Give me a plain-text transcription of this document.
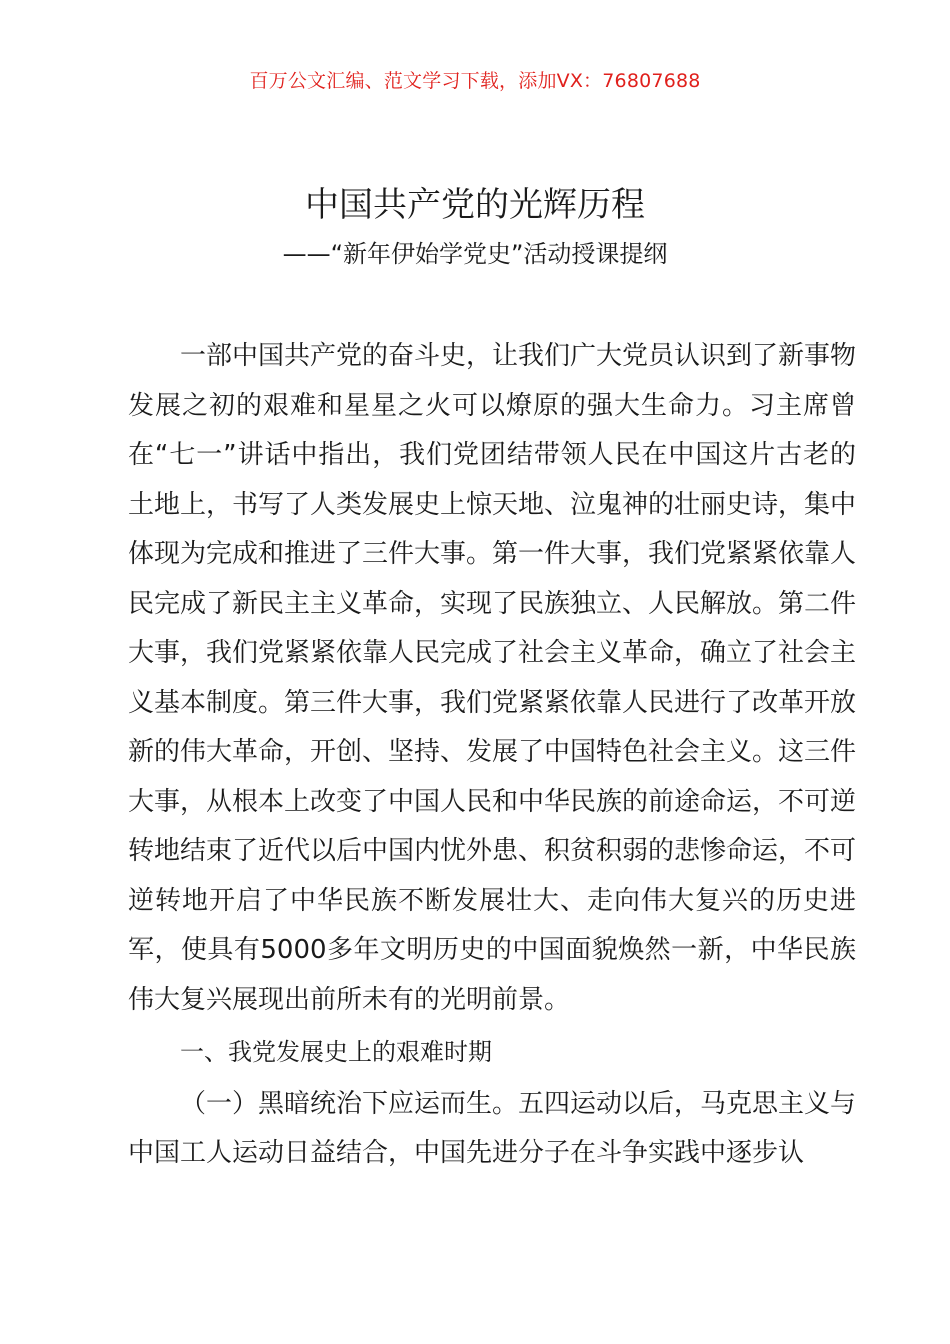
百万公文汇编、范文学习下载，添加VX：76807688
中国共产党的光辉历程
——“新年伊始学党史”活动授课提纲

一部中国共产党的奋斗史，让我们广大党员认识到了新事物发展之初的艰难和星星之火可以燎原的强大生命力。习主席曾在“七一”讲话中指出，我们党团结带领人民在中国这片古老的土地上，书写了人类发展史上惊天地、泣鬼神的壮丽史诗，集中体现为完成和推进了三件大事。第一件大事，我们党紧紧依靠人民完成了新民主主义革命，实现了民族独立、人民解放。第二件大事，我们党紧紧依靠人民完成了社会主义革命，确立了社会主义基本制度。第三件大事，我们党紧紧依靠人民进行了改革开放新的伟大革命，开创、坚持、发展了中国特色社会主义。这三件大事，从根本上改变了中国人民和中华民族的前途命运，不可逆转地结束了近代以后中国内忧外患、积贫积弱的悲惨命运，不可逆转地开启了中华民族不断发展壮大、走向伟大复兴的历史进军，使具有5000多年文明历史的中国面貌焕然一新，中华民族伟大复兴展现出前所未有的光明前景。

一、我党发展史上的艰难时期

（一）黑暗统治下应运而生。五四运动以后，马克思主义与中国工人运动日益结合，中国先进分子在斗争实践中逐步认
